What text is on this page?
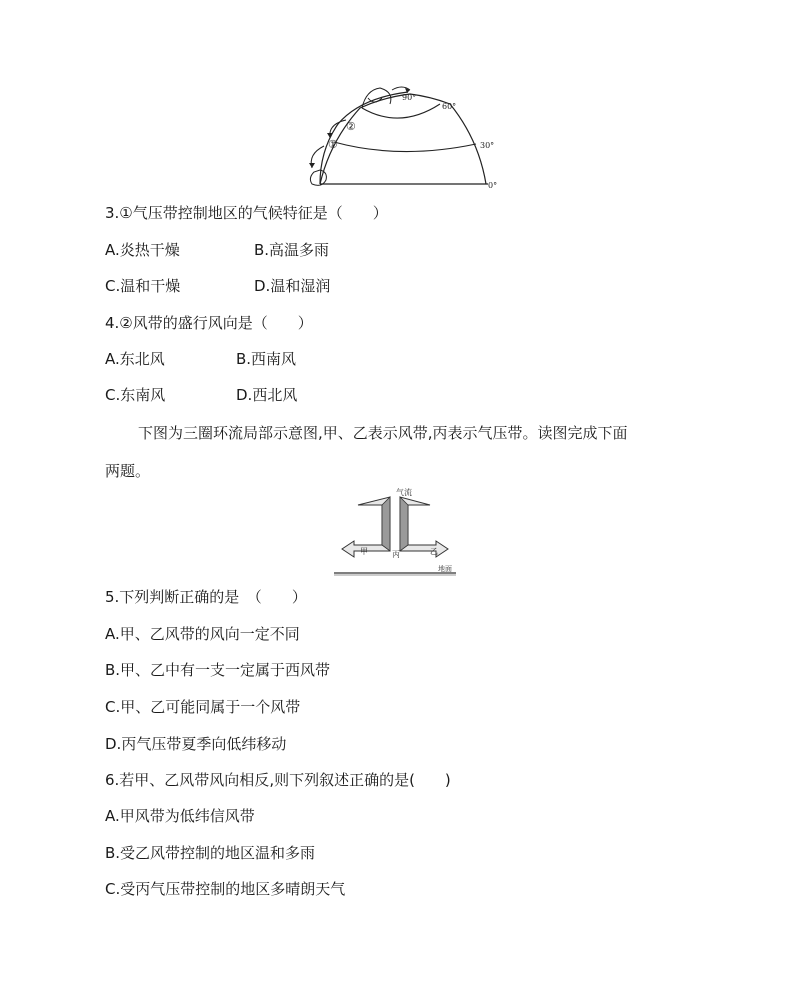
90°
60°
30°
0°
②
①
3.①气压带控制地区的气候特征是（　　）
A.炎热干燥	B.高温多雨
C.温和干燥	D.温和湿润
4.②风带的盛行风向是（　　）
A.东北风	B.西南风
C.东南风	D.西北风
下图为三圈环流局部示意图,甲、乙表示风带,丙表示气压带。读图完成下面
两题。
气流
甲	丙	乙
地面
5.下列判断正确的是　（　　）
A.甲、乙风带的风向一定不同
B.甲、乙中有一支一定属于西风带
C.甲、乙可能同属于一个风带
D.丙气压带夏季向低纬移动
6.若甲、乙风带风向相反,则下列叙述正确的是(　　)
A.甲风带为低纬信风带
B.受乙风带控制的地区温和多雨
C.受丙气压带控制的地区多晴朗天气
